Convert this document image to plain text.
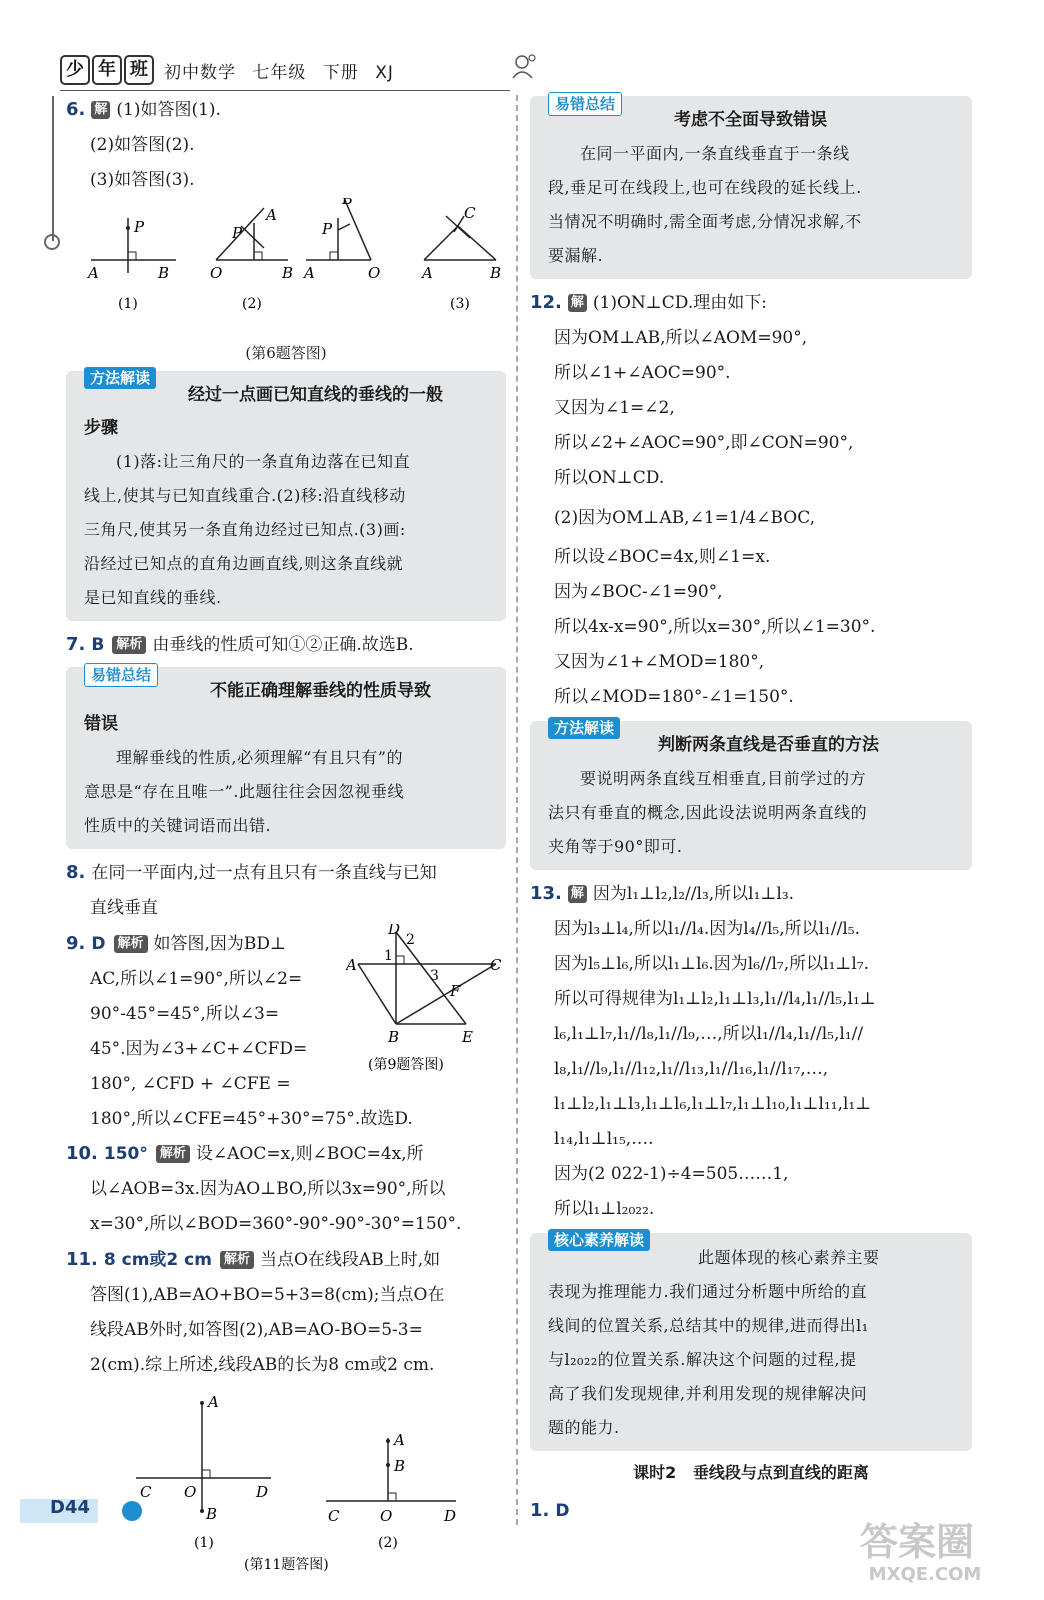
少 年 班 初中数学 七年级 下册 XJ
6. 解 (1)如答图(1).
(2)如答图(2).
(3)如答图(3).
P
A	B
(1)
A
P
O	B
(2)
B
P
A	O
C
A	B
(3)
(第6题答图)
方法解读
经过一点画已知直线的垂线的一般
步骤
(1)落:让三角尺的一条直角边落在已知直
线上,使其与已知直线重合.(2)移:沿直线移动
三角尺,使其另一条直角边经过已知点.(3)画:
沿经过已知点的直角边画直线,则这条直线就
是已知直线的垂线.
7. B 解析 由垂线的性质可知①②正确.故选B.
易错总结
不能正确理解垂线的性质导致
错误
理解垂线的性质,必须理解“有且只有”的
意思是“存在且唯一”.此题往往会因忽视垂线
性质中的关键词语而出错.
8. 在同一平面内,过一点有且只有一条直线与已知
直线垂直
9. D 解析 如答图,因为BD⊥
AC,所以∠1=90°,所以∠2=
90°-45°=45°,所以∠3=
45°.因为∠3+∠C+∠CFD=
180°, ∠CFD + ∠CFE =
180°,所以∠CFE=45°+30°=75°.故选D.
D
2
1
3
A	C
F
B	E
(第9题答图)
10. 150° 解析 设∠AOC=x,则∠BOC=4x,所
以∠AOB=3x.因为AO⊥BO,所以3x=90°,所以
x=30°,所以∠BOD=360°-90°-90°-30°=150°.
11. 8 cm或2 cm 解析 当点O在线段AB上时,如
答图(1),AB=AO+BO=5+3=8(cm);当点O在
线段AB外时,如答图(2),AB=AO-BO=5-3=
2(cm).综上所述,线段AB的长为8 cm或2 cm.
A
C O	D
B
(1)
A
B
C	O	D
(2)
(第11题答图)
易错总结
考虑不全面导致错误
在同一平面内,一条直线垂直于一条线
段,垂足可在线段上,也可在线段的延长线上.
当情况不明确时,需全面考虑,分情况求解,不
要漏解.
12. 解 (1)ON⊥CD.理由如下:
因为OM⊥AB,所以∠AOM=90°,
所以∠1+∠AOC=90°.
又因为∠1=∠2,
所以∠2+∠AOC=90°,即∠CON=90°,
所以ON⊥CD.
(2)因为OM⊥AB,∠1=1/4∠BOC,
所以设∠BOC=4x,则∠1=x.
因为∠BOC-∠1=90°,
所以4x-x=90°,所以x=30°,所以∠1=30°.
又因为∠1+∠MOD=180°,
所以∠MOD=180°-∠1=150°.
方法解读
判断两条直线是否垂直的方法
要说明两条直线互相垂直,目前学过的方
法只有垂直的概念,因此设法说明两条直线的
夹角等于90°即可.
13. 解 因为l₁⊥l₂,l₂//l₃,所以l₁⊥l₃.
因为l₃⊥l₄,所以l₁//l₄.因为l₄//l₅,所以l₁//l₅.
因为l₅⊥l₆,所以l₁⊥l₆.因为l₆//l₇,所以l₁⊥l₇.
所以可得规律为l₁⊥l₂,l₁⊥l₃,l₁//l₄,l₁//l₅,l₁⊥
l₆,l₁⊥l₇,l₁//l₈,l₁//l₉,…,所以l₁//l₄,l₁//l₅,l₁//
l₈,l₁//l₉,l₁//l₁₂,l₁//l₁₃,l₁//l₁₆,l₁//l₁₇,…,
l₁⊥l₂,l₁⊥l₃,l₁⊥l₆,l₁⊥l₇,l₁⊥l₁₀,l₁⊥l₁₁,l₁⊥
l₁₄,l₁⊥l₁₅,….
因为(2 022-1)÷4=505……1,
所以l₁⊥l₂₀₂₂.
核心素养解读
此题体现的核心素养主要
表现为推理能力.我们通过分析题中所给的直
线间的位置关系,总结其中的规律,进而得出l₁
与l₂₀₂₂的位置关系.解决这个问题的过程,提
高了我们发现规律,并利用发现的规律解决问
题的能力.
课时2   垂线段与点到直线的距离
1. D
D44
答案圈
MXQE.COM
